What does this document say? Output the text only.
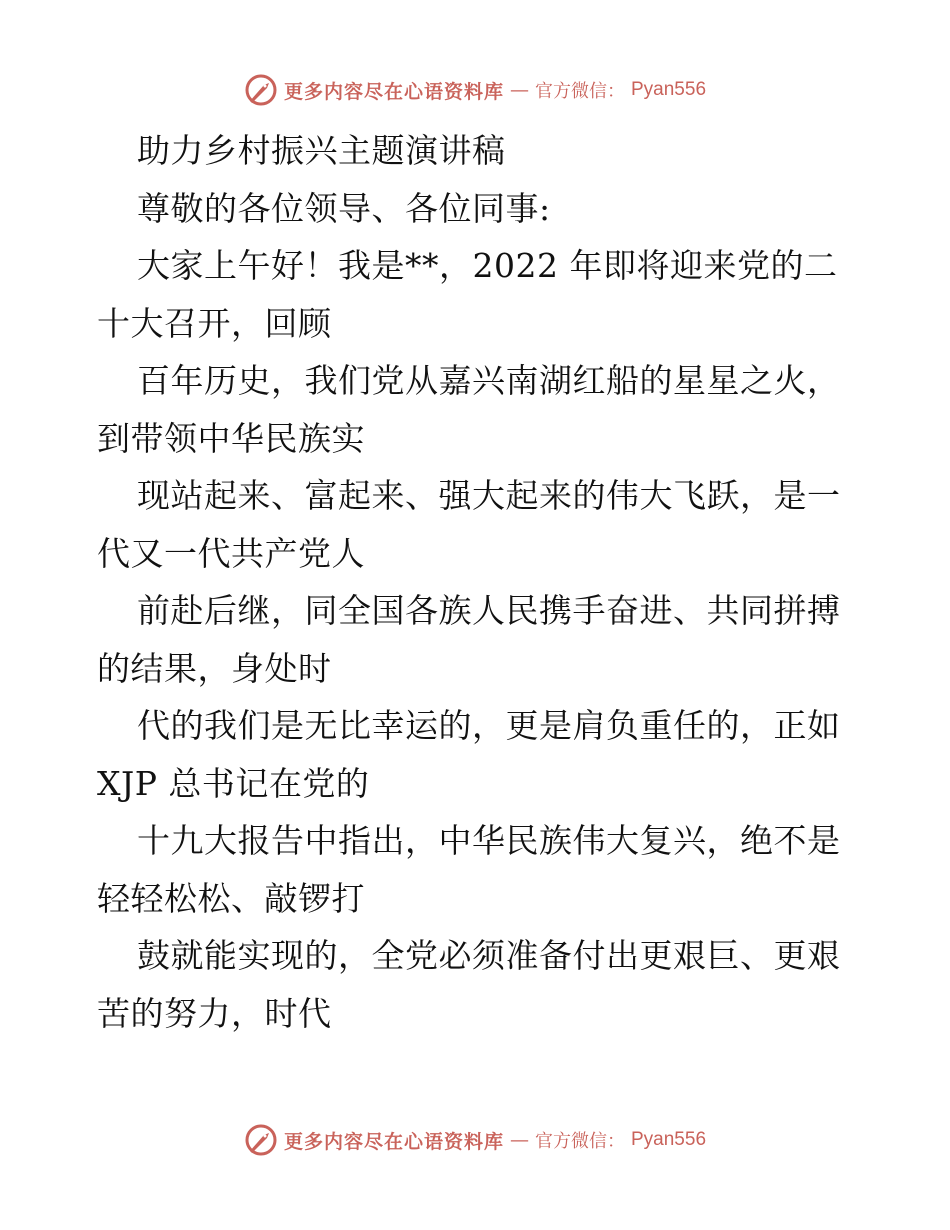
更多内容尽在心语资料库 — 官方微信： Pyan556
助力乡村振兴主题演讲稿
尊敬的各位领导、各位同事:
大家上午好！我是**，2022 年即将迎来党的二
十大召开，回顾
百年历史，我们党从嘉兴南湖红船的星星之火，
到带领中华民族实
现站起来、富起来、强大起来的伟大飞跃，是一
代又一代共产党人
前赴后继，同全国各族人民携手奋进、共同拼搏
的结果，身处时
代的我们是无比幸运的，更是肩负重任的，正如
XJP 总书记在党的
十九大报告中指出，中华民族伟大复兴，绝不是
轻轻松松、敲锣打
鼓就能实现的，全党必须准备付出更艰巨、更艰
苦的努力，时代
更多内容尽在心语资料库 — 官方微信： Pyan556
